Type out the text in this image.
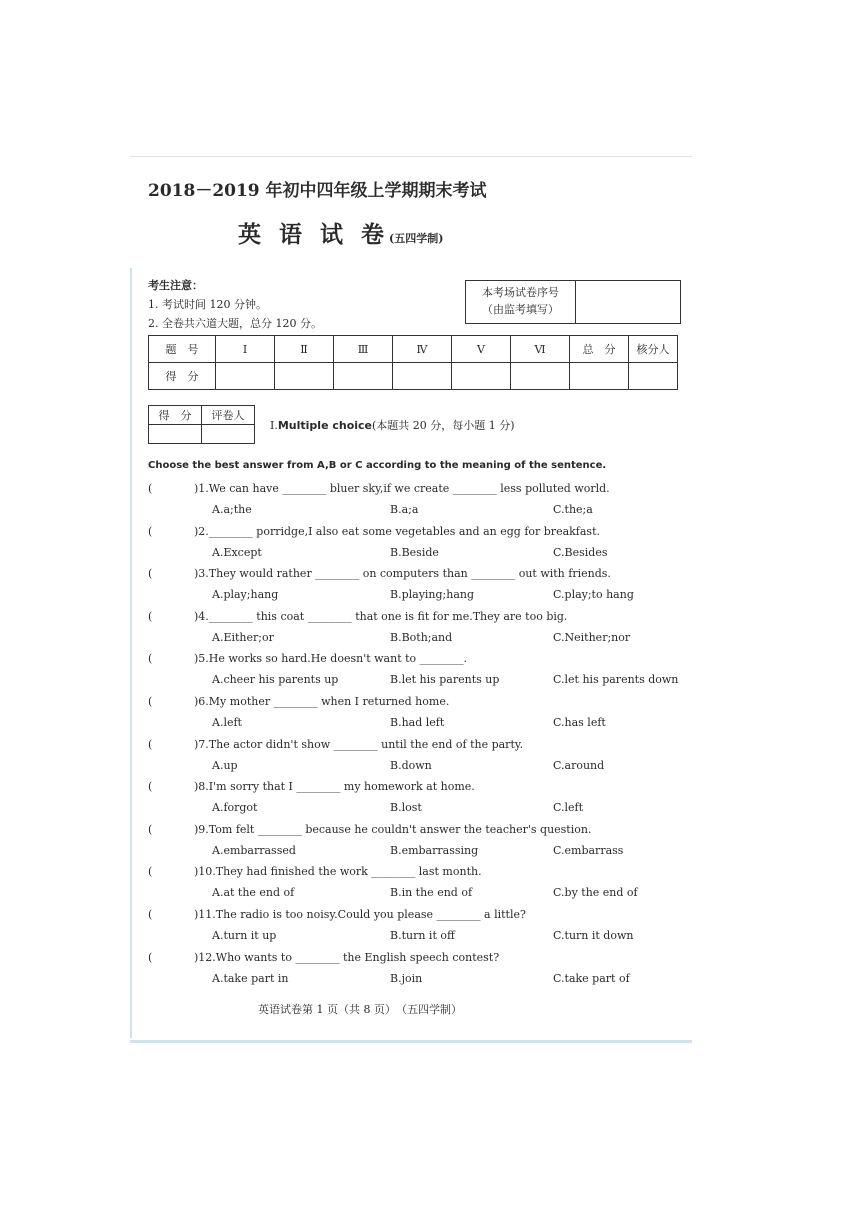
2018－2019 年初中四年级上学期期末考试
英 语 试 卷(五四学制)
考生注意：
1. 考试时间 120 分钟。
2. 全卷共六道大题，总分 120 分。
本考场试卷序号
（由监考填写）
题　号	Ⅰ	Ⅱ	Ⅲ	Ⅳ	Ⅴ	Ⅵ	总　分	核分人
得　分								
得　分	评卷人

Ⅰ.Multiple choice(本题共 20 分，每小题 1 分)
Choose the best answer from A,B or C according to the meaning of the sentence.
(	)1.We can have ________ bluer sky,if we create ________ less polluted world.
A.a;the	B.a;a	C.the;a
(	)2.________ porridge,I also eat some vegetables and an egg for breakfast.
A.Except	B.Beside	C.Besides
(	)3.They would rather ________ on computers than ________ out with friends.
A.play;hang	B.playing;hang	C.play;to hang
(	)4.________ this coat ________ that one is fit for me.They are too big.
A.Either;or	B.Both;and	C.Neither;nor
(	)5.He works so hard.He doesn't want to ________.
A.cheer his parents up	B.let his parents up	C.let his parents down
(	)6.My mother ________ when I returned home.
A.left	B.had left	C.has left
(	)7.The actor didn't show ________ until the end of the party.
A.up	B.down	C.around
(	)8.I'm sorry that I ________ my homework at home.
A.forgot	B.lost	C.left
(	)9.Tom felt ________ because he couldn't answer the teacher's question.
A.embarrassed	B.embarrassing	C.embarrass
(	)10.They had finished the work ________ last month.
A.at the end of	B.in the end of	C.by the end of
(	)11.The radio is too noisy.Could you please ________ a little?
A.turn it up	B.turn it off	C.turn it down
(	)12.Who wants to ________ the English speech contest?
A.take part in	B.join	C.take part of
英语试卷第 1 页（共 8 页）　（五四学制）
